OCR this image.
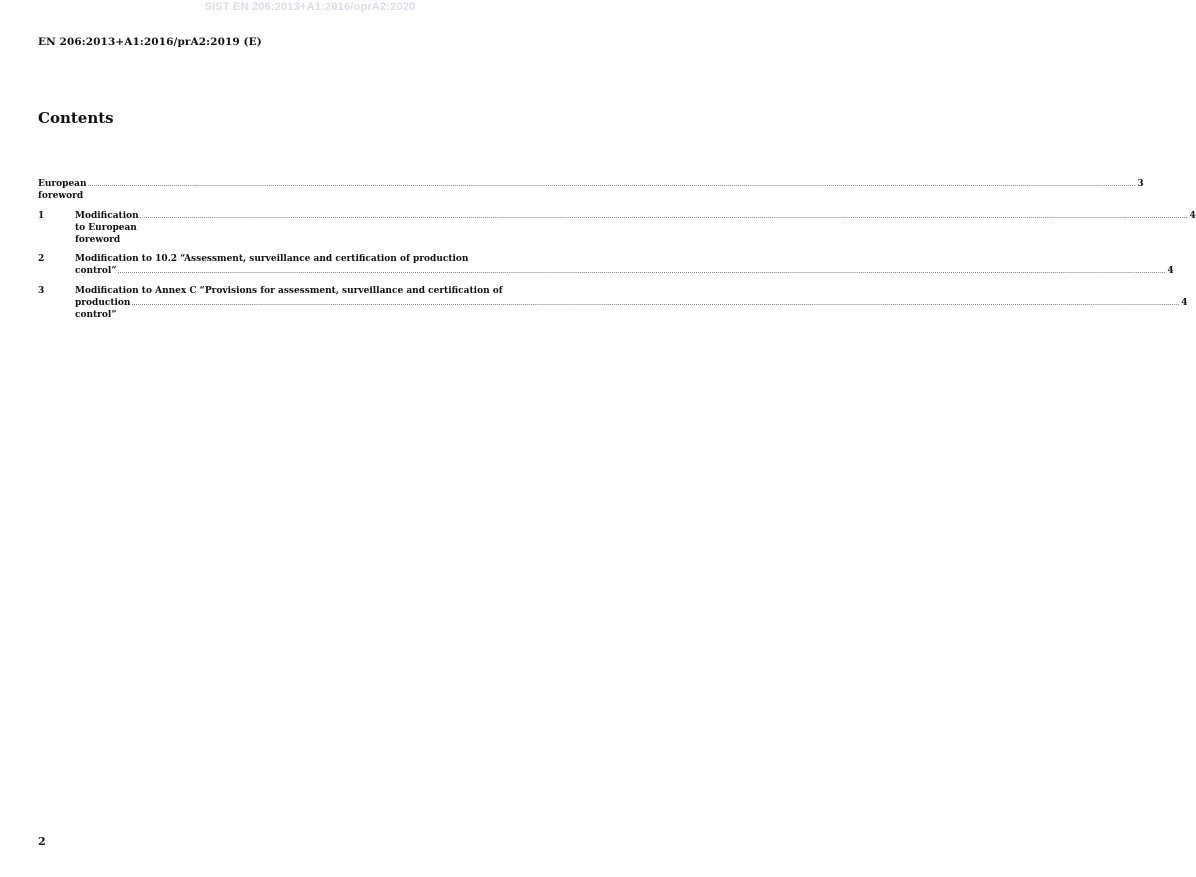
SIST EN 206:2013+A1:2016/oprA2:2020
EN 206:2013+A1:2016/prA2:2019 (E)
Contents
European foreword
.......................................................................................................................................................................................................................................................................................................................................................................................................................................................................................................................................... 3
1	Modification to European foreword
.......................................................................................................................................................................................................................................................................................................................................................................................................................................................................................................................................... 4
2	Modification to 10.2 “Assessment, surveillance and certification of production
control” .......................................................................................................................................................................................................................................................................................................................................................................................................................................................................................................................................... 4
3	Modification to Annex C “Provisions for assessment, surveillance and certification of
production control”
.......................................................................................................................................................................................................................................................................................................................................................................................................................................................................................................................................... 4
2
